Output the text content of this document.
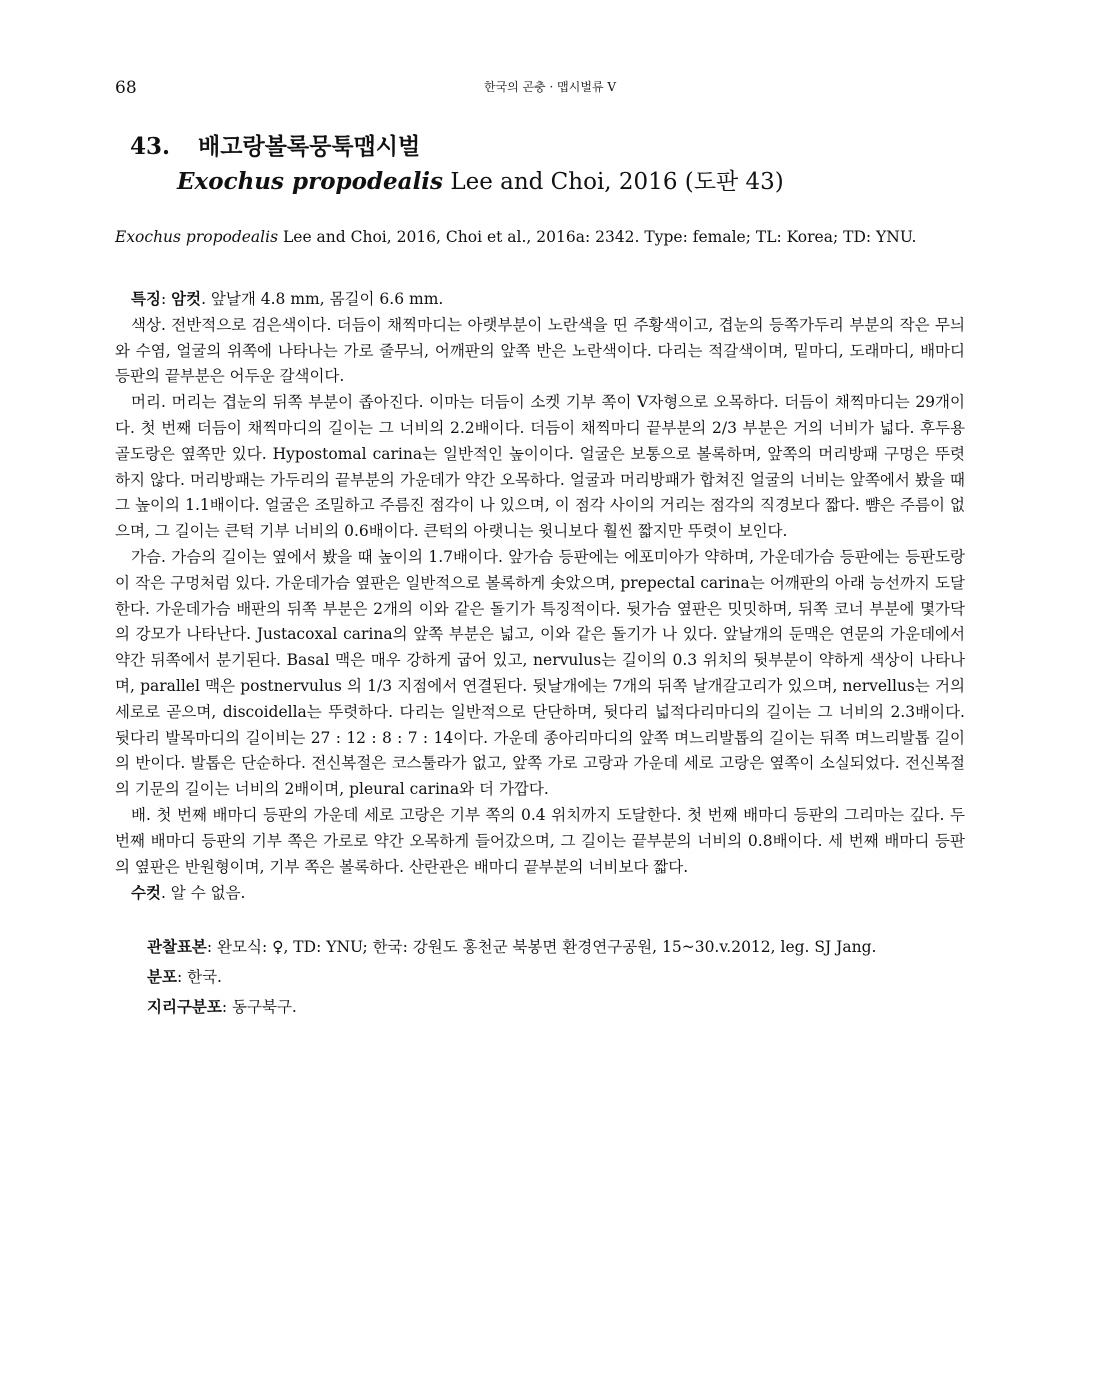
68	한국의 곤충 · 맵시벌류 V
43. 배고랑볼록뭉툭맵시벌
Exochus propodealis Lee and Choi, 2016 (도판 43)
Exochus propodealis Lee and Choi, 2016, Choi et al., 2016a: 2342. Type: female; TL: Korea; TD: YNU.

특징: 암컷. 앞날개 4.8 mm, 몸길이 6.6 mm.

색상. 전반적으로 검은색이다. 더듬이 채찍마디는 아랫부분이 노란색을 띤 주황색이고, 겹눈의 등쪽가두리 부분의 작은 무늬와 수염, 얼굴의 위쪽에 나타나는 가로 줄무늬, 어깨판의 앞쪽 반은 노란색이다. 다리는 적갈색이며, 밑마디, 도래마디, 배마디 등판의 끝부분은 어두운 갈색이다.

머리. 머리는 겹눈의 뒤쪽 부분이 좁아진다. 이마는 더듬이 소켓 기부 쪽이 V자형으로 오목하다. 더듬이 채찍마디는 29개이다. 첫 번째 더듬이 채찍마디의 길이는 그 너비의 2.2배이다. 더듬이 채찍마디 끝부분의 2/3 부분은 거의 너비가 넓다. 후두용골도랑은 옆쪽만 있다. Hypostomal carina는 일반적인 높이이다. 얼굴은 보통으로 볼록하며, 앞쪽의 머리방패 구멍은 뚜렷하지 않다. 머리방패는 가두리의 끝부분의 가운데가 약간 오목하다. 얼굴과 머리방패가 합쳐진 얼굴의 너비는 앞쪽에서 봤을 때 그 높이의 1.1배이다. 얼굴은 조밀하고 주름진 점각이 나 있으며, 이 점각 사이의 거리는 점각의 직경보다 짧다. 뺨은 주름이 없으며, 그 길이는 큰턱 기부 너비의 0.6배이다. 큰턱의 아랫니는 윗니보다 훨씬 짧지만 뚜렷이 보인다.

가슴. 가슴의 길이는 옆에서 봤을 때 높이의 1.7배이다. 앞가슴 등판에는 에포미아가 약하며, 가운데가슴 등판에는 등판도랑이 작은 구멍처럼 있다. 가운데가슴 옆판은 일반적으로 볼록하게 솟았으며, prepectal carina는 어깨판의 아래 능선까지 도달한다. 가운데가슴 배판의 뒤쪽 부분은 2개의 이와 같은 돌기가 특징적이다. 뒷가슴 옆판은 밋밋하며, 뒤쪽 코너 부분에 몇가닥의 강모가 나타난다. Justacoxal carina의 앞쪽 부분은 넓고, 이와 같은 돌기가 나 있다. 앞날개의 둔맥은 연문의 가운데에서 약간 뒤쪽에서 분기된다. Basal 맥은 매우 강하게 굽어 있고, nervulus는 길이의 0.3 위치의 뒷부분이 약하게 색상이 나타나며, parallel 맥은 postnervulus 의 1/3 지점에서 연결된다. 뒷날개에는 7개의 뒤쪽 날개갈고리가 있으며, nervellus는 거의 세로로 곧으며, discoidella는 뚜렷하다. 다리는 일반적으로 단단하며, 뒷다리 넓적다리마디의 길이는 그 너비의 2.3배이다. 뒷다리 발목마디의 길이비는 27 : 12 : 8 : 7 : 14이다. 가운데 종아리마디의 앞쪽 며느리발톱의 길이는 뒤쪽 며느리발톱 길이의 반이다. 발톱은 단순하다. 전신복절은 코스툴라가 없고, 앞쪽 가로 고랑과 가운데 세로 고랑은 옆쪽이 소실되었다. 전신복절의 기문의 길이는 너비의 2배이며, pleural carina와 더 가깝다.

배. 첫 번째 배마디 등판의 가운데 세로 고랑은 기부 쪽의 0.4 위치까지 도달한다. 첫 번째 배마디 등판의 그리마는 깊다. 두 번째 배마디 등판의 기부 쪽은 가로로 약간 오목하게 들어갔으며, 그 길이는 끝부분의 너비의 0.8배이다. 세 번째 배마디 등판의 옆판은 반원형이며, 기부 쪽은 볼록하다. 산란관은 배마디 끝부분의 너비보다 짧다.

수컷. 알 수 없음.

관찰표본: 완모식: ♀, TD: YNU; 한국: 강원도 홍천군 북봉면 환경연구공원, 15~30.v.2012, leg. SJ Jang.

분포: 한국.

지리구분포: 동구북구.
